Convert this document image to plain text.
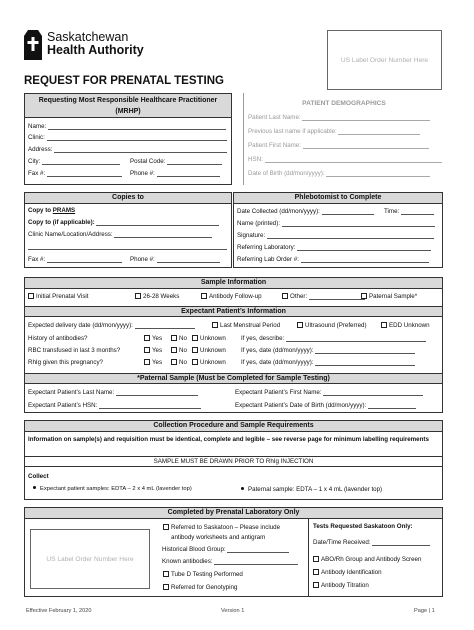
Saskatchewan
Health Authority
US Label Order Number Here
REQUEST FOR PRENATAL TESTING
Requesting Most Responsible Healthcare Practitioner
(MRHP)
Name:
Clinic:
Address:
City:	Postal Code:
Fax #:	Phone #:
PATIENT DEMOGRAPHICS
Patient Last Name:
Previous last name if applicable:
Patient First Name:
HSN:
Date of Birth (dd/mon/yyyy):
Copies to
Copy to PRAMS
Copy to (if applicable):
Clinic Name/Location/Address:
Fax #:	Phone #:
Phlebotomist to Complete
Date Collected (dd/mon/yyyy):	Time:
Name (printed):
Signature:
Referring Laboratory:
Referring Lab Order #:
Sample Information
Initial Prenatal Visit	26-28 Weeks	Antibody Follow-up	Other:	Paternal Sample*
Expectant Patient’s Information
Expected delivery date (dd/mon/yyyy):	Last Menstrual Period	Ultrasound (Preferred)	EDD Unknown
History of antibodies?	Yes	No	Unknown If yes, describe:
RBC transfused in last 3 months?	Yes	No	Unknown If yes, date (dd/mon/yyyy):
RhIg given this pregnancy?	Yes	No	Unknown If yes, date (dd/mon/yyyy):
*Paternal Sample (Must be Completed for Sample Testing)
Expectant Patient’s Last Name:	Expectant Patient’s First Name:
Expectant Patient’s HSN:	Expectant Patient’s Date of Birth (dd/mon/yyyy):
Collection Procedure and Sample Requirements
Information on sample(s) and requisition must be identical, complete and legible – see reverse page for minimum labelling requirements
SAMPLE MUST BE DRAWN PRIOR TO RhIg INJECTION
Collect
Expectant patient samples: EDTA – 2 x 4 mL (lavender top)	Paternal sample: EDTA – 1 x 4 mL (lavender top)
Completed by Prenatal Laboratory Only
US Label Order Number Here
Referred to Saskatoon – Please include
antibody worksheets and antigram
Historical Blood Group:
Known antibodies:
Tube D Testing Performed
Referred for Genotyping
Tests Requested Saskatoon Only:
Date/Time Received:
ABO/Rh Group and Antibody Screen
Antibody Identification
Antibody Titration
Effective February 1, 2020	Version 1	Page | 1
